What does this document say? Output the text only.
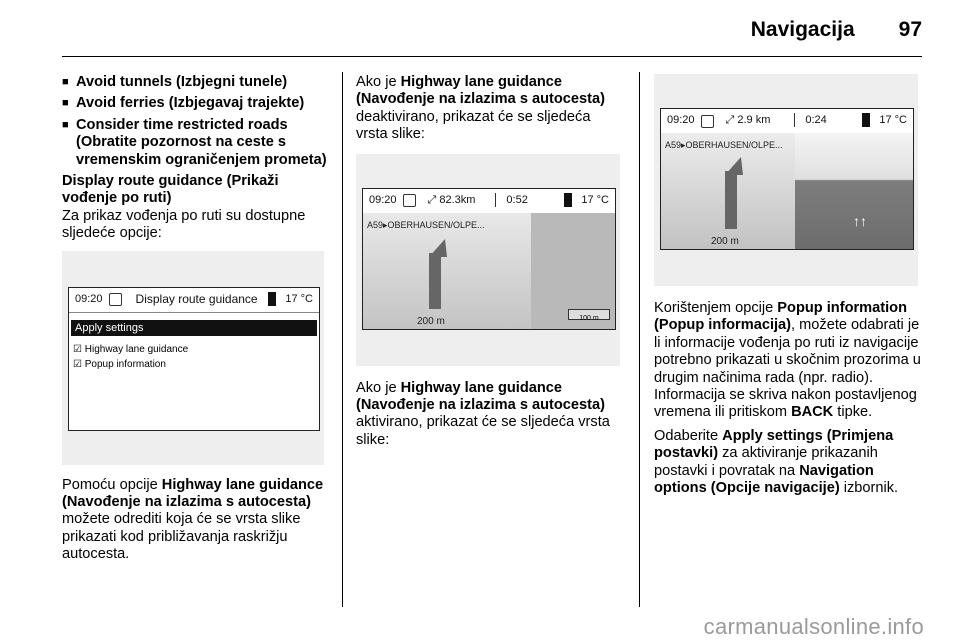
Navigacija 97
■ Avoid tunnels (Izbjegni tunele)
■ Avoid ferries (Izbjegavaj trajekte)
■ Consider time restricted roads (Obratite pozornost na ceste s vremenskim ograničenjem prometa)

Display route guidance (Prikaži vođenje po ruti)

Za prikaz vođenja po ruti su dostupne sljedeće opcije:

09:20	Display route guidance	17 °C
Apply settings
☑ Highway lane guidance
☑ Popup information

Pomoću opcije Highway lane guidance (Navođenje na izlazima s autocesta) možete odrediti koja će se vrsta slike prikazati kod približavanja raskrižju autocesta.

Ako je Highway lane guidance (Navođenje na izlazima s autocesta) deaktivirano, prikazat će se sljedeća vrsta slike:

09:20	⤢ 82.3km	0:52	17 °C
A59▸OBERHAUSEN/OLPE...
200 m	100 m

Ako je Highway lane guidance (Navođenje na izlazima s autocesta) aktivirano, prikazat će se sljedeća vrsta slike:

09:20	⤢ 2.9 km	0:24	17 °C
A59▸OBERHAUSEN/OLPE...
200 m
↑↑

Korištenjem opcije Popup information (Popup informacija), možete odabrati je li informacije vođenja po ruti iz navigacije potrebno prikazati u skočnim prozorima u drugim načinima rada (npr. radio). Informacija se skriva nakon postavljenog vremena ili pritiskom BACK tipke.

Odaberite Apply settings (Primjena postavki) za aktiviranje prikazanih postavki i povratak na Navigation options (Opcije navigacije) izbornik.

carmanualsonline.info
